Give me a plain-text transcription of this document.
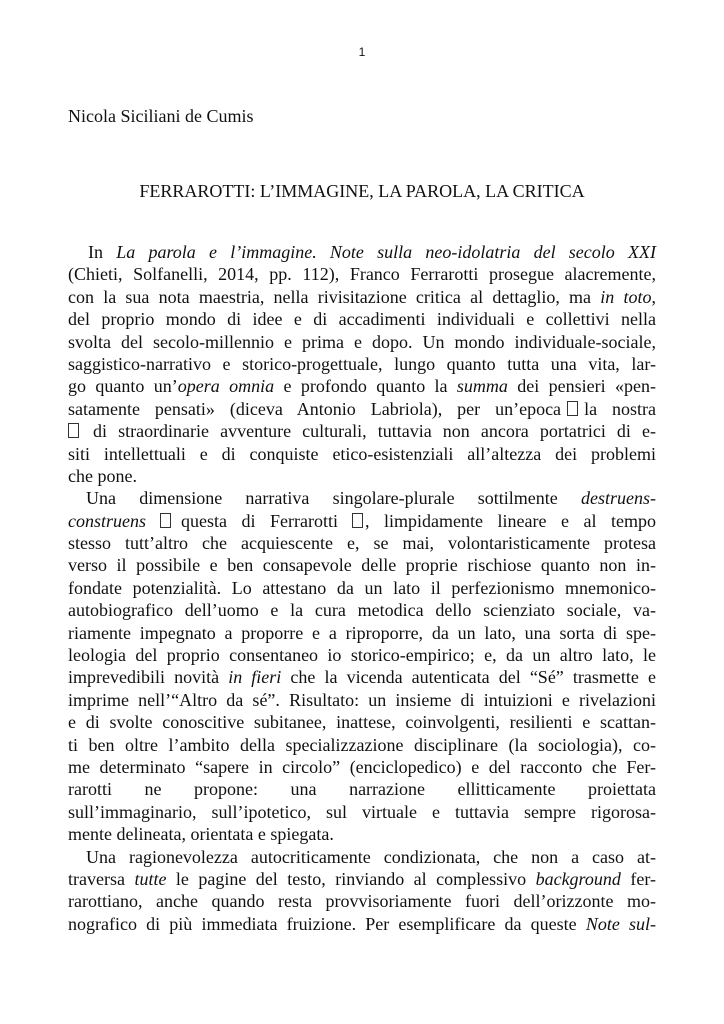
1
Nicola Siciliani de Cumis
FERRAROTTI: L’IMMAGINE, LA PAROLA, LA CRITICA
In La parola e l’immagine. Note sulla neo-idolatria del secolo XXI
(Chieti, Solfanelli, 2014, pp. 112), Franco Ferrarotti prosegue alacremente,
con la sua nota maestria, nella rivisitazione critica al dettaglio, ma in toto,
del proprio mondo di idee e di accadimenti individuali e collettivi nella
svolta del secolo-millennio e prima e dopo. Un mondo individuale-sociale,
saggistico-narrativo e storico-progettuale, lungo quanto tutta una vita, lar-
go quanto un’opera omnia e profondo quanto la summa dei pensieri «pen-
satamente pensati» (diceva Antonio Labriola), per un’epoca la nostra
di straordinarie avventure culturali, tuttavia non ancora portatrici di e-
siti intellettuali e di conquiste etico-esistenziali all’altezza dei problemi
che pone.
Una dimensione narrativa singolare-plurale sottilmente destruens-
construens questa di Ferrarotti , limpidamente lineare e al tempo
stesso tutt’altro che acquiescente e, se mai, volontaristicamente protesa
verso il possibile e ben consapevole delle proprie rischiose quanto non in-
fondate potenzialità. Lo attestano da un lato il perfezionismo mnemonico-
autobiografico dell’uomo e la cura metodica dello scienziato sociale, va-
riamente impegnato a proporre e a riproporre, da un lato, una sorta di spe-
leologia del proprio consentaneo io storico-empirico; e, da un altro lato, le
imprevedibili novità in fieri che la vicenda autenticata del “Sé” trasmette e
imprime nell’“Altro da sé”. Risultato: un insieme di intuizioni e rivelazioni
e di svolte conoscitive subitanee, inattese, coinvolgenti, resilienti e scattan-
ti ben oltre l’ambito della specializzazione disciplinare (la sociologia), co-
me determinato “sapere in circolo” (enciclopedico) e del racconto che Fer-
rarotti ne propone: una narrazione ellitticamente proiettata
sull’immaginario, sull’ipotetico, sul virtuale e tuttavia sempre rigorosa-
mente delineata, orientata e spiegata.
Una ragionevolezza autocriticamente condizionata, che non a caso at-
traversa tutte le pagine del testo, rinviando al complessivo background fer-
rarottiano, anche quando resta provvisoriamente fuori dell’orizzonte mo-
nografico di più immediata fruizione. Per esemplificare da queste Note sul-
